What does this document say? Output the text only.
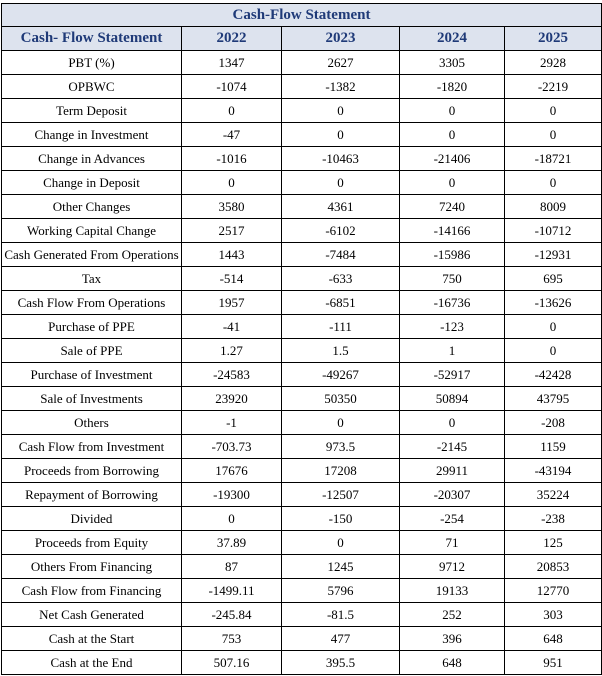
Cash-Flow Statement				
Cash- Flow Statement	2022	2023	2024	2025
PBT (%)	1347	2627	3305	2928
OPBWC	-1074	-1382	-1820	-2219
Term Deposit	0	0	0	0
Change in Investment	-47	0	0	0
Change in Advances	-1016	-10463	-21406	-18721
Change in Deposit	0	0	0	0
Other Changes	3580	4361	7240	8009
Working Capital Change	2517	-6102	-14166	-10712
Cash Generated From Operations	1443	-7484	-15986	-12931
Tax	-514	-633	750	695
Cash Flow From Operations	1957	-6851	-16736	-13626
Purchase of PPE	-41	-111	-123	0
Sale of PPE	1.27	1.5	1	0
Purchase of Investment	-24583	-49267	-52917	-42428
Sale of Investments	23920	50350	50894	43795
Others	-1	0	0	-208
Cash Flow from Investment	-703.73	973.5	-2145	1159
Proceeds from Borrowing	17676	17208	29911	-43194
Repayment of Borrowing	-19300	-12507	-20307	35224
Divided	0	-150	-254	-238
Proceeds from Equity	37.89	0	71	125
Others From Financing	87	1245	9712	20853
Cash Flow from Financing	-1499.11	5796	19133	12770
Net Cash Generated	-245.84	-81.5	252	303
Cash at the Start	753	477	396	648
Cash at the End	507.16	395.5	648	951
